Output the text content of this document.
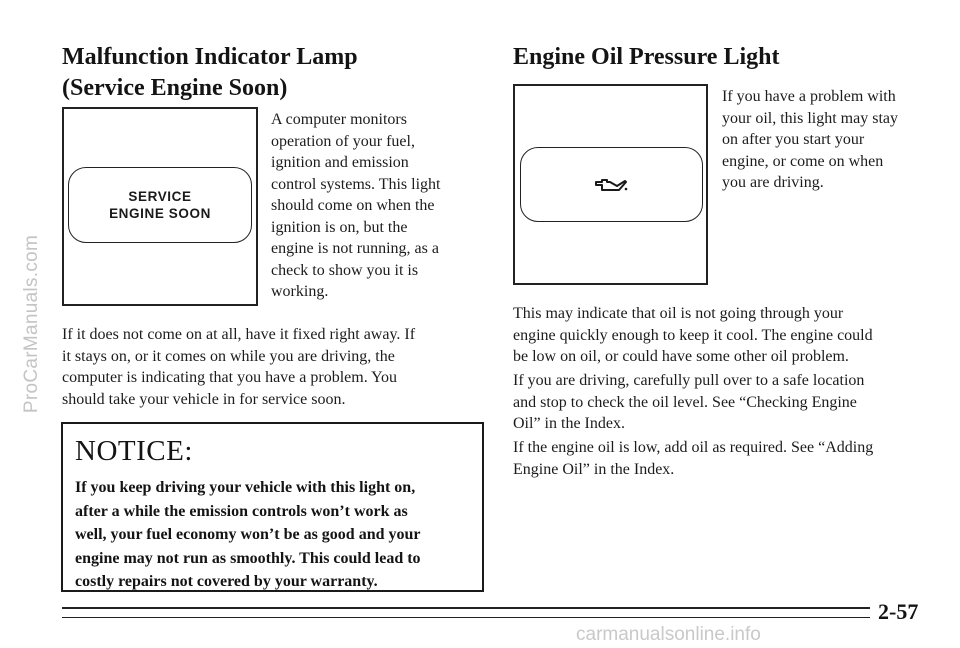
ProCarManuals.com
carmanualsonline.info
Malfunction Indicator Lamp
(Service Engine Soon)
SERVICE
ENGINE SOON
A computer monitors
operation of your fuel,
ignition and emission
control systems. This light
should come on when the
ignition is on, but the
engine is not running, as a
check to show you it is
working.
If it does not come on at all, have it fixed right away. If
it stays on, or it comes on while you are driving, the
computer is indicating that you have a problem. You
should take your vehicle in for service soon.
NOTICE:
If you keep driving your vehicle with this light on,
after a while the emission controls won’t work as
well, your fuel economy won’t be as good and your
engine may not run as smoothly. This could lead to
costly repairs not covered by your warranty.
Engine Oil Pressure Light
If you have a problem with
your oil, this light may stay
on after you start your
engine, or come on when
you are driving.
This may indicate that oil is not going through your
engine quickly enough to keep it cool. The engine could
be low on oil, or could have some other oil problem.
If you are driving, carefully pull over to a safe location
and stop to check the oil level. See “Checking Engine
Oil” in the Index.
If the engine oil is low, add oil as required. See “Adding
Engine Oil” in the Index.
2-57
